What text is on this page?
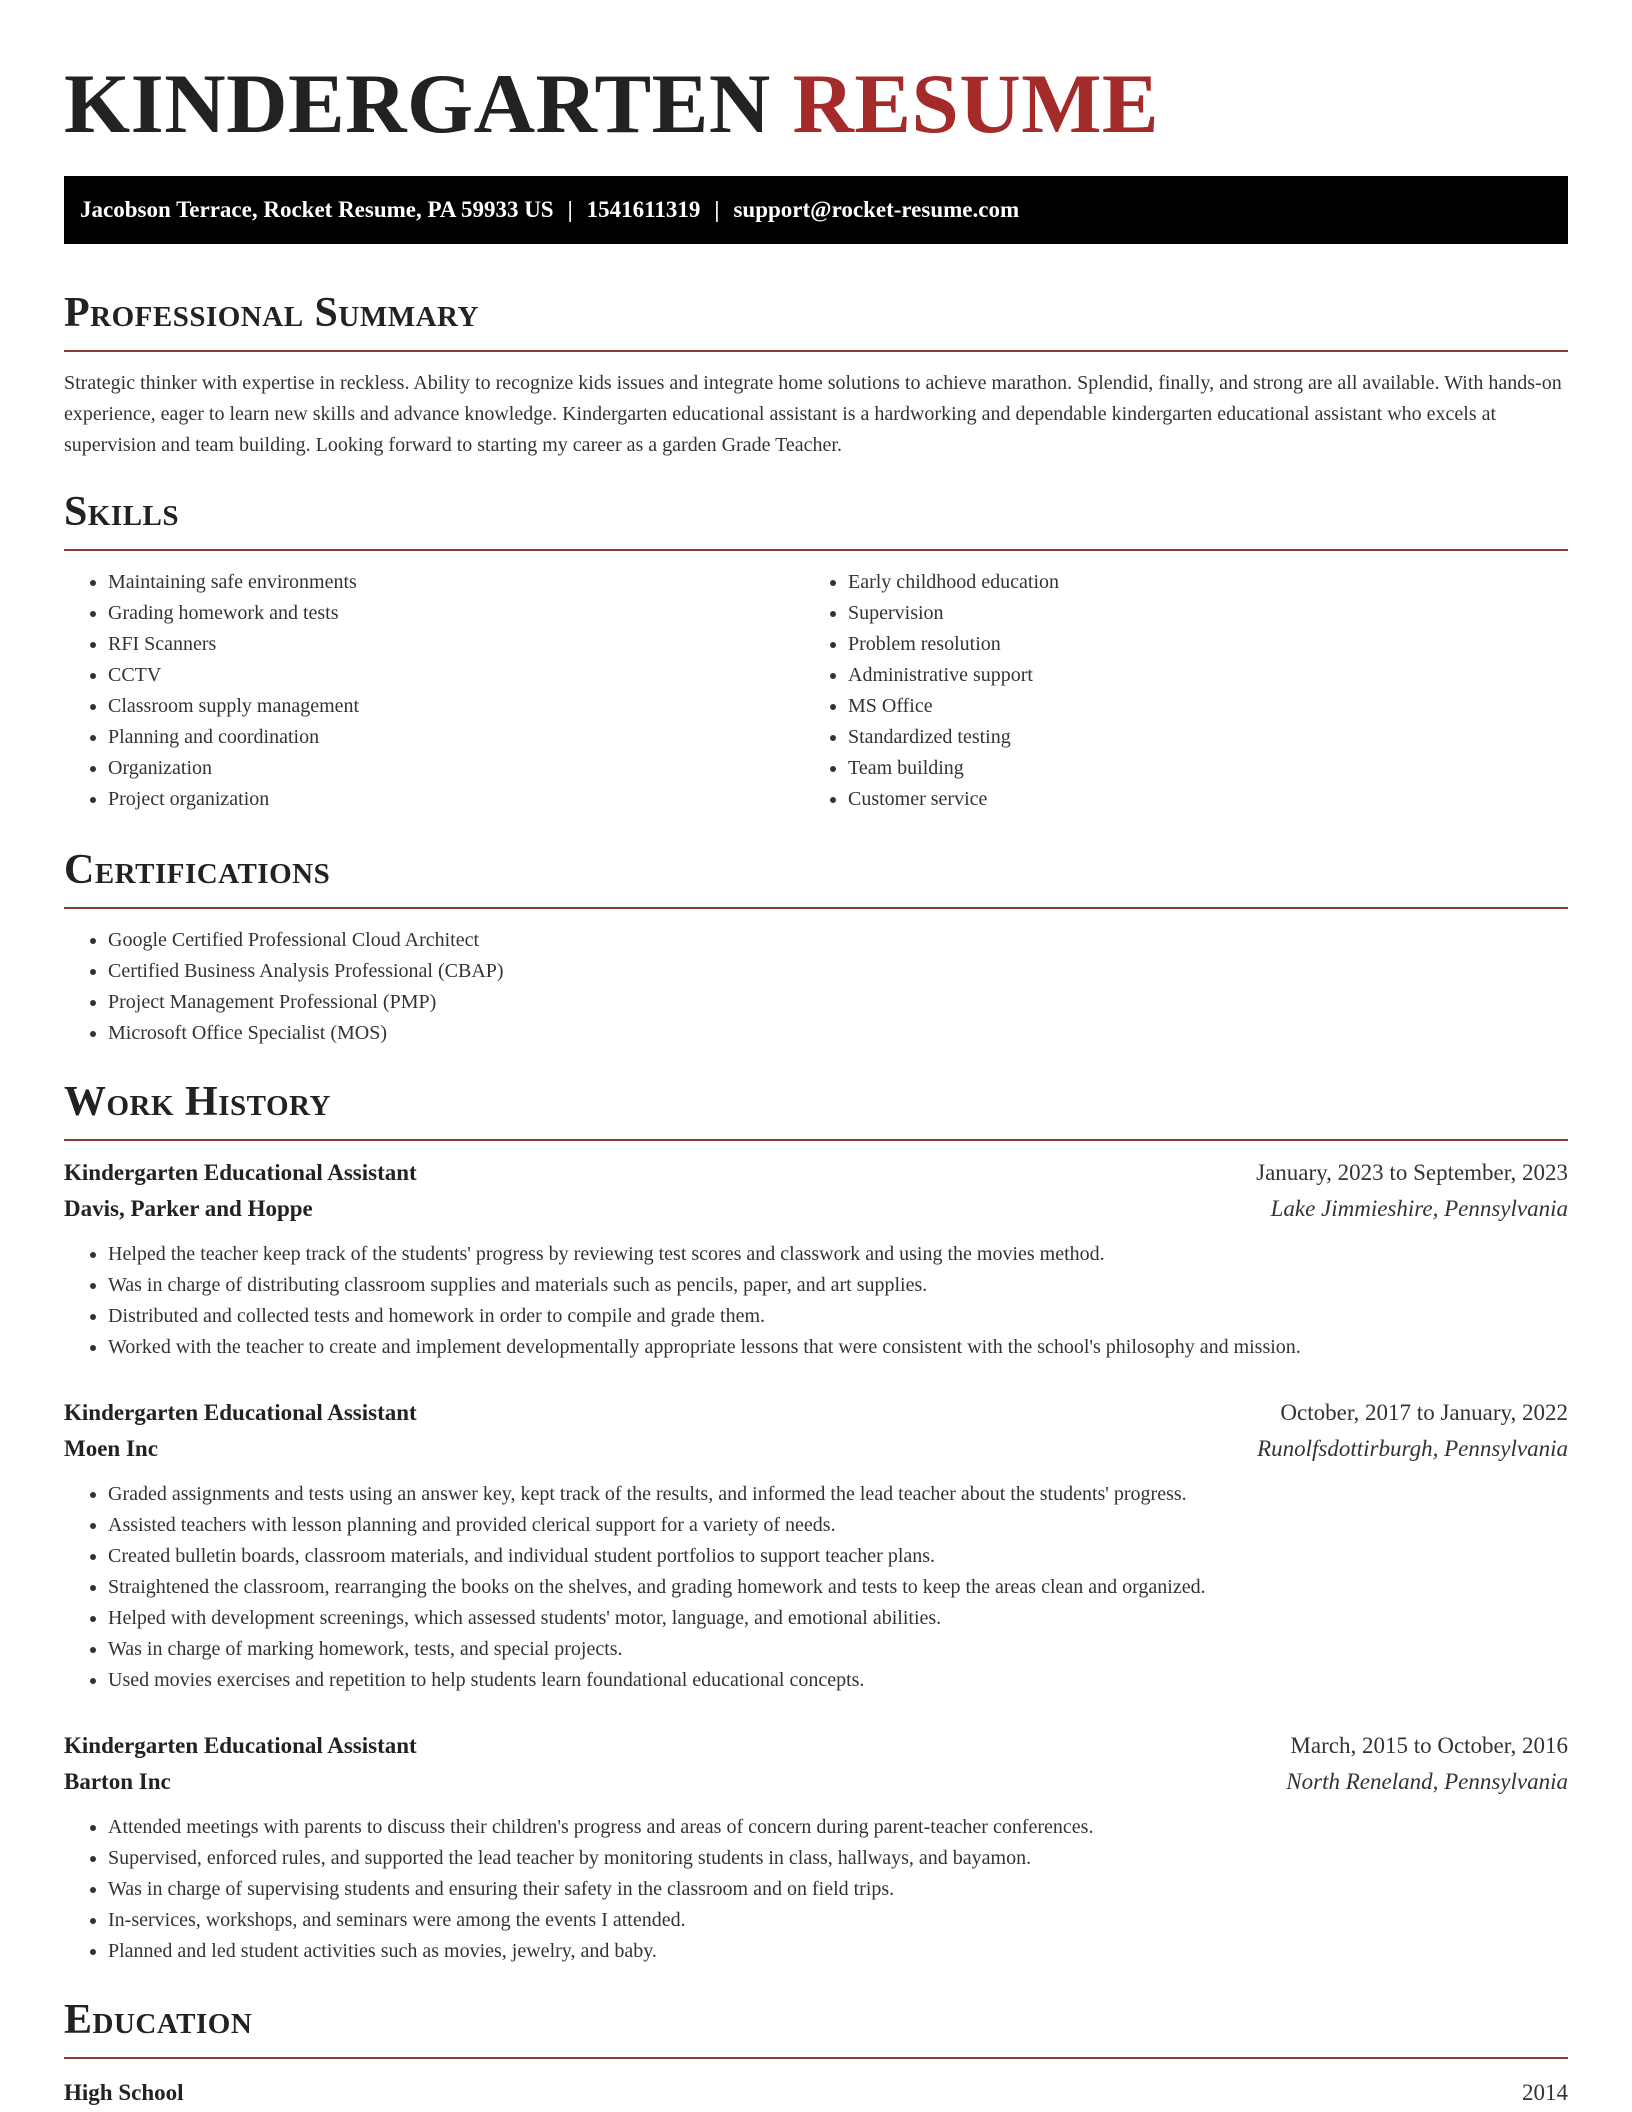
KINDERGARTEN RESUME
Jacobson Terrace, Rocket Resume, PA 59933 US | 1541611319 | support@rocket-resume.com
Professional Summary

Strategic thinker with expertise in reckless. Ability to recognize kids issues and integrate home solutions to achieve marathon. Splendid, finally, and strong are all available. With hands-on experience, eager to learn new skills and advance knowledge. Kindergarten educational assistant is a hardworking and dependable kindergarten educational assistant who excels at supervision and team building. Looking forward to starting my career as a garden Grade Teacher.

Skills
• Maintaining safe environments
• Grading homework and tests
• RFI Scanners
• CCTV
• Classroom supply management
• Planning and coordination
• Organization
• Project organization
• Early childhood education
• Supervision
• Problem resolution
• Administrative support
• MS Office
• Standardized testing
• Team building
• Customer service
Certifications
• Google Certified Professional Cloud Architect
• Certified Business Analysis Professional (CBAP)
• Project Management Professional (PMP)
• Microsoft Office Specialist (MOS)
Work History
Kindergarten Educational Assistant	January, 2023 to September, 2023
Davis, Parker and Hoppe	Lake Jimmieshire, Pennsylvania
• Helped the teacher keep track of the students' progress by reviewing test scores and classwork and using the movies method.
• Was in charge of distributing classroom supplies and materials such as pencils, paper, and art supplies.
• Distributed and collected tests and homework in order to compile and grade them.
• Worked with the teacher to create and implement developmentally appropriate lessons that were consistent with the school's philosophy and mission.
Kindergarten Educational Assistant	October, 2017 to January, 2022
Moen Inc	Runolfsdottirburgh, Pennsylvania
• Graded assignments and tests using an answer key, kept track of the results, and informed the lead teacher about the students' progress.
• Assisted teachers with lesson planning and provided clerical support for a variety of needs.
• Created bulletin boards, classroom materials, and individual student portfolios to support teacher plans.
• Straightened the classroom, rearranging the books on the shelves, and grading homework and tests to keep the areas clean and organized.
• Helped with development screenings, which assessed students' motor, language, and emotional abilities.
• Was in charge of marking homework, tests, and special projects.
• Used movies exercises and repetition to help students learn foundational educational concepts.
Kindergarten Educational Assistant	March, 2015 to October, 2016
Barton Inc	North Reneland, Pennsylvania
• Attended meetings with parents to discuss their children's progress and areas of concern during parent-teacher conferences.
• Supervised, enforced rules, and supported the lead teacher by monitoring students in class, hallways, and bayamon.
• Was in charge of supervising students and ensuring their safety in the classroom and on field trips.
• In-services, workshops, and seminars were among the events I attended.
• Planned and led student activities such as movies, jewelry, and baby.
Education
High School	2014
